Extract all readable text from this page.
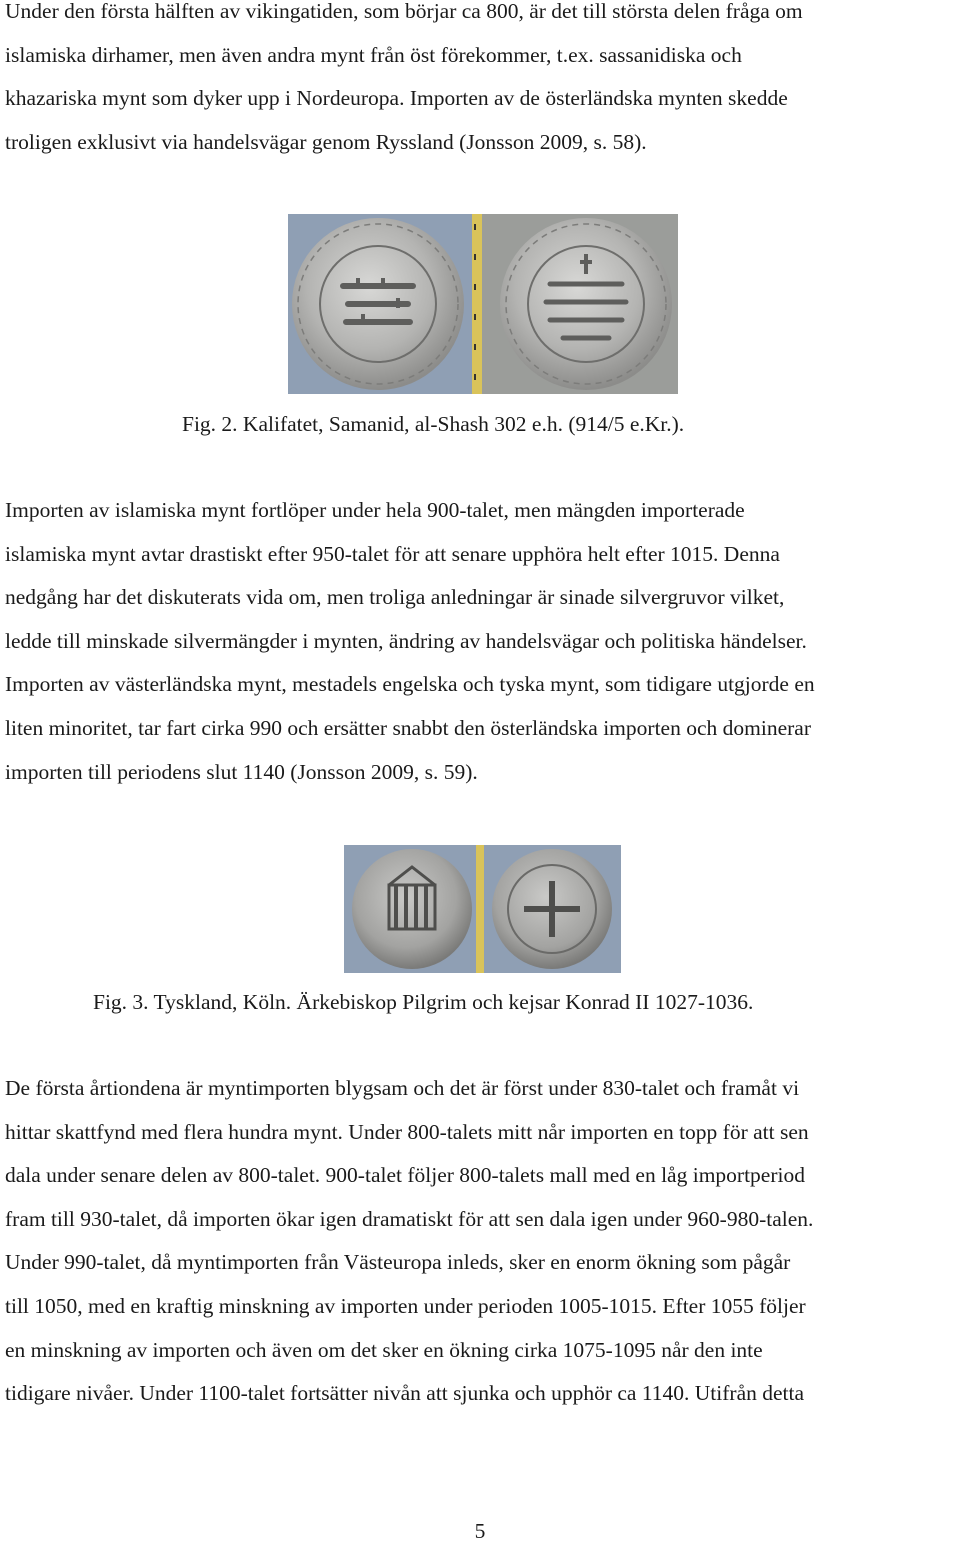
Under den första hälften av vikingatiden, som börjar ca 800, är det till största delen fråga om
islamiska dirhamer, men även andra mynt från öst förekommer, t.ex. sassanidiska och
khazariska mynt som dyker upp i Nordeuropa. Importen av de österländska mynten skedde
troligen exklusivt via handelsvägar genom Ryssland (Jonsson 2009, s. 58).
Fig. 2. Kalifatet, Samanid, al-Shash 302 e.h. (914/5 e.Kr.).
Importen av islamiska mynt fortlöper under hela 900-talet, men mängden importerade
islamiska mynt avtar drastiskt efter 950-talet för att senare upphöra helt efter 1015. Denna
nedgång har det diskuterats vida om, men troliga anledningar är sinade silvergruvor vilket,
ledde till minskade silvermängder i mynten, ändring av handelsvägar och politiska händelser.
Importen av västerländska mynt, mestadels engelska och tyska mynt, som tidigare utgjorde en
liten minoritet, tar fart cirka 990 och ersätter snabbt den österländska importen och dominerar
importen till periodens slut 1140 (Jonsson 2009, s. 59).
Fig. 3. Tyskland, Köln. Ärkebiskop Pilgrim och kejsar Konrad II 1027-1036.
De första årtiondena är myntimporten blygsam och det är först under 830-talet och framåt vi
hittar skattfynd med flera hundra mynt. Under 800-talets mitt når importen en topp för att sen
dala under senare delen av 800-talet. 900-talet följer 800-talets mall med en låg importperiod
fram till 930-talet, då importen ökar igen dramatiskt för att sen dala igen under 960-980-talen.
Under 990-talet, då myntimporten från Västeuropa inleds, sker en enorm ökning som pågår
till 1050, med en kraftig minskning av importen under perioden 1005-1015. Efter 1055 följer
en minskning av importen och även om det sker en ökning cirka 1075-1095 når den inte
tidigare nivåer. Under 1100-talet fortsätter nivån att sjunka och upphör ca 1140. Utifrån detta
5
